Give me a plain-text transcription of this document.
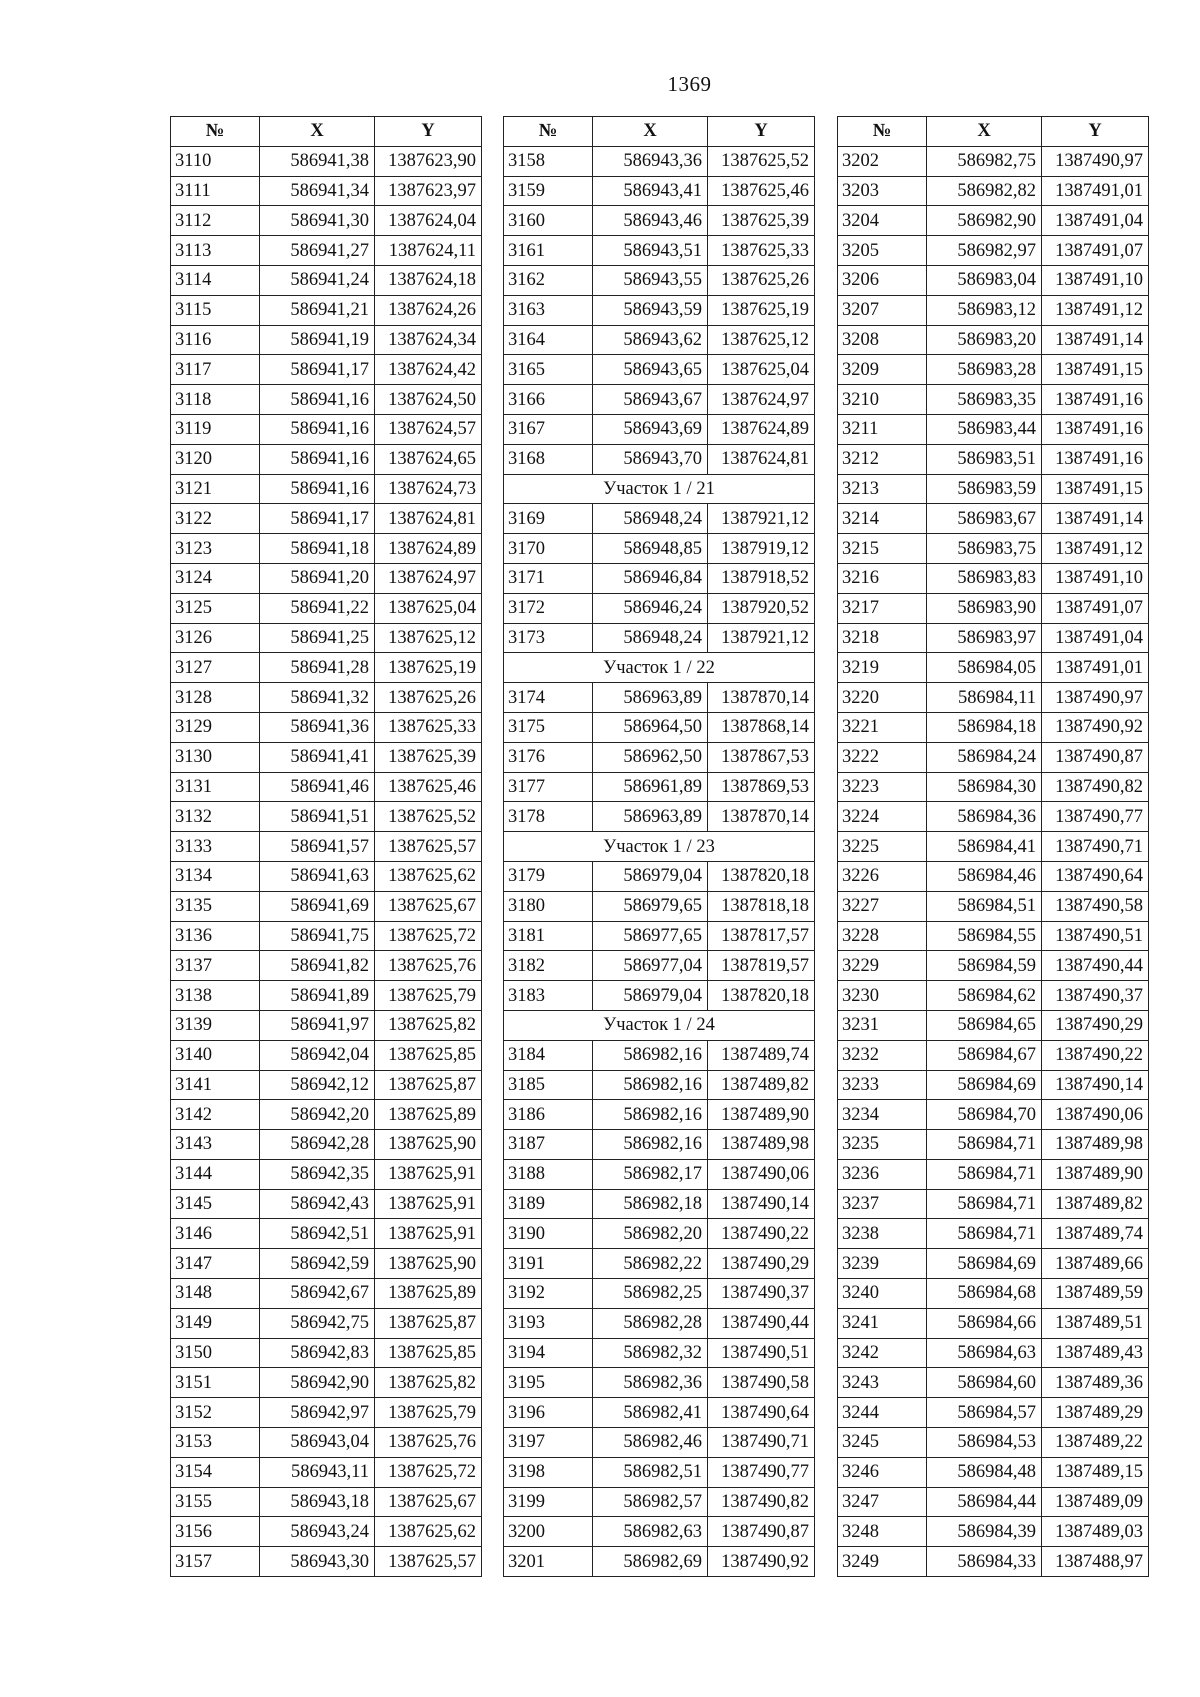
1369
№	X	Y
3110	586941,38	1387623,90
3111	586941,34	1387623,97
3112	586941,30	1387624,04
3113	586941,27	1387624,11
3114	586941,24	1387624,18
3115	586941,21	1387624,26
3116	586941,19	1387624,34
3117	586941,17	1387624,42
3118	586941,16	1387624,50
3119	586941,16	1387624,57
3120	586941,16	1387624,65
3121	586941,16	1387624,73
3122	586941,17	1387624,81
3123	586941,18	1387624,89
3124	586941,20	1387624,97
3125	586941,22	1387625,04
3126	586941,25	1387625,12
3127	586941,28	1387625,19
3128	586941,32	1387625,26
3129	586941,36	1387625,33
3130	586941,41	1387625,39
3131	586941,46	1387625,46
3132	586941,51	1387625,52
3133	586941,57	1387625,57
3134	586941,63	1387625,62
3135	586941,69	1387625,67
3136	586941,75	1387625,72
3137	586941,82	1387625,76
3138	586941,89	1387625,79
3139	586941,97	1387625,82
3140	586942,04	1387625,85
3141	586942,12	1387625,87
3142	586942,20	1387625,89
3143	586942,28	1387625,90
3144	586942,35	1387625,91
3145	586942,43	1387625,91
3146	586942,51	1387625,91
3147	586942,59	1387625,90
3148	586942,67	1387625,89
3149	586942,75	1387625,87
3150	586942,83	1387625,85
3151	586942,90	1387625,82
3152	586942,97	1387625,79
3153	586943,04	1387625,76
3154	586943,11	1387625,72
3155	586943,18	1387625,67
3156	586943,24	1387625,62
3157	586943,30	1387625,57
№	X	Y
3158	586943,36	1387625,52
3159	586943,41	1387625,46
3160	586943,46	1387625,39
3161	586943,51	1387625,33
3162	586943,55	1387625,26
3163	586943,59	1387625,19
3164	586943,62	1387625,12
3165	586943,65	1387625,04
3166	586943,67	1387624,97
3167	586943,69	1387624,89
3168	586943,70	1387624,81
Участок 1 / 21		
3169	586948,24	1387921,12
3170	586948,85	1387919,12
3171	586946,84	1387918,52
3172	586946,24	1387920,52
3173	586948,24	1387921,12
Участок 1 / 22		
3174	586963,89	1387870,14
3175	586964,50	1387868,14
3176	586962,50	1387867,53
3177	586961,89	1387869,53
3178	586963,89	1387870,14
Участок 1 / 23		
3179	586979,04	1387820,18
3180	586979,65	1387818,18
3181	586977,65	1387817,57
3182	586977,04	1387819,57
3183	586979,04	1387820,18
Участок 1 / 24		
3184	586982,16	1387489,74
3185	586982,16	1387489,82
3186	586982,16	1387489,90
3187	586982,16	1387489,98
3188	586982,17	1387490,06
3189	586982,18	1387490,14
3190	586982,20	1387490,22
3191	586982,22	1387490,29
3192	586982,25	1387490,37
3193	586982,28	1387490,44
3194	586982,32	1387490,51
3195	586982,36	1387490,58
3196	586982,41	1387490,64
3197	586982,46	1387490,71
3198	586982,51	1387490,77
3199	586982,57	1387490,82
3200	586982,63	1387490,87
3201	586982,69	1387490,92
№	X	Y
3202	586982,75	1387490,97
3203	586982,82	1387491,01
3204	586982,90	1387491,04
3205	586982,97	1387491,07
3206	586983,04	1387491,10
3207	586983,12	1387491,12
3208	586983,20	1387491,14
3209	586983,28	1387491,15
3210	586983,35	1387491,16
3211	586983,44	1387491,16
3212	586983,51	1387491,16
3213	586983,59	1387491,15
3214	586983,67	1387491,14
3215	586983,75	1387491,12
3216	586983,83	1387491,10
3217	586983,90	1387491,07
3218	586983,97	1387491,04
3219	586984,05	1387491,01
3220	586984,11	1387490,97
3221	586984,18	1387490,92
3222	586984,24	1387490,87
3223	586984,30	1387490,82
3224	586984,36	1387490,77
3225	586984,41	1387490,71
3226	586984,46	1387490,64
3227	586984,51	1387490,58
3228	586984,55	1387490,51
3229	586984,59	1387490,44
3230	586984,62	1387490,37
3231	586984,65	1387490,29
3232	586984,67	1387490,22
3233	586984,69	1387490,14
3234	586984,70	1387490,06
3235	586984,71	1387489,98
3236	586984,71	1387489,90
3237	586984,71	1387489,82
3238	586984,71	1387489,74
3239	586984,69	1387489,66
3240	586984,68	1387489,59
3241	586984,66	1387489,51
3242	586984,63	1387489,43
3243	586984,60	1387489,36
3244	586984,57	1387489,29
3245	586984,53	1387489,22
3246	586984,48	1387489,15
3247	586984,44	1387489,09
3248	586984,39	1387489,03
3249	586984,33	1387488,97
